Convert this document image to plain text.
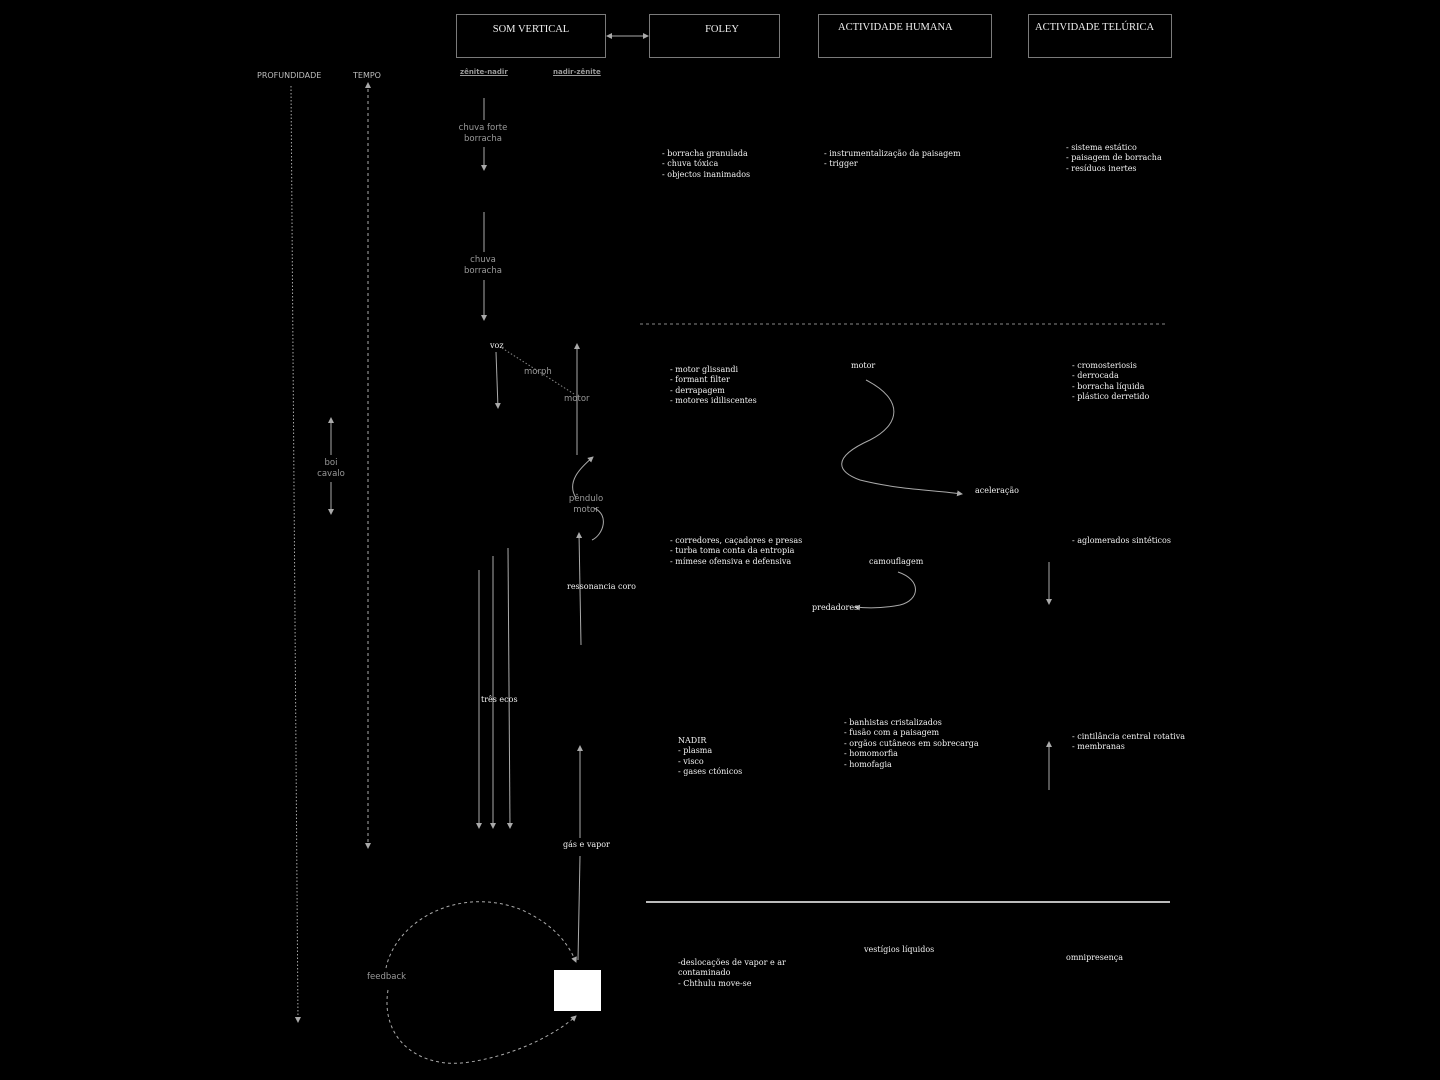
SOM VERTICAL	FOLEY	ACTIVIDADE HUMANA	ACTIVIDADE TELÚRICA
PROFUNDIDADE	TEMPO	zênite-nadir	nadir-zênite
chuva forte
borracha
chuva
borracha
voz
morph
motor
boi
cavalo
pêndulo
motor
ressonancia coro
três ecos
gás e vapor
feedback
- borracha granulada
- chuva tóxica
- objectos inanimados
- motor glissandi
- formant filter
- derrapagem
- motores idiliscentes
- corredores, caçadores e presas
- turba toma conta da entropia
- mímese ofensiva e defensiva
NADIR
- plasma
- visco
- gases ctónicos
-deslocações de vapor e ar
contaminado
- Chthulu move-se
- instrumentalização da paisagem
- trigger
motor
aceleração
camouflagem
predadores
- banhistas cristalizados
- fusão com a paisagem
- orgãos cutâneos em sobrecarga
- homomorfia
- homofagia
vestígios líquidos
- sistema estático
- paisagem de borracha
- resíduos inertes
- cromosteriosis
- derrocada
- borracha líquida
- plástico derretido
- aglomerados sintéticos
- cintilância central rotativa
- membranas
omnipresença
